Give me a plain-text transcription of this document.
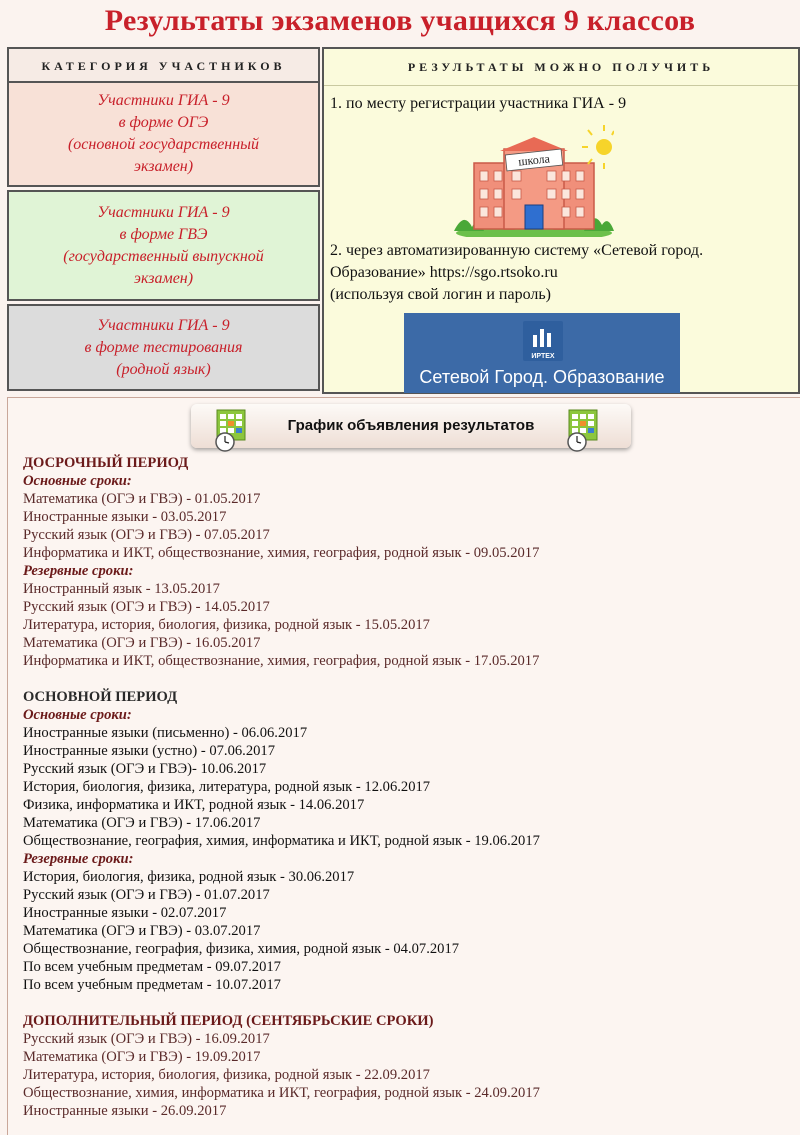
Результаты экзаменов учащихся 9 классов
КАТЕГОРИЯ УЧАСТНИКОВ
Участники ГИА - 9
в форме ОГЭ
(основной государственный
экзамен)
Участники ГИА - 9
в форме ГВЭ
(государственный выпускной
экзамен)
Участники ГИА - 9
в форме тестирования
(родной язык)
РЕЗУЛЬТАТЫ МОЖНО ПОЛУЧИТЬ
1. по месту регистрации участника ГИА - 9
школа
2. через автоматизированную систему «Сетевой город.
Образование» https://sgo.rtsoko.ru
(используя свой логин и пароль)
ИРТЕХ
Сетевой Город. Образование
График объявления результатов
ДОСРОЧНЫЙ ПЕРИОД
Основные сроки:
Математика (ОГЭ и ГВЭ) - 01.05.2017
Иностранные языки - 03.05.2017
Русский язык (ОГЭ и ГВЭ) - 07.05.2017
Информатика и ИКТ, обществознание, химия, география, родной язык - 09.05.2017
Резервные сроки:
Иностранный язык - 13.05.2017
Русский язык (ОГЭ и ГВЭ) - 14.05.2017
Литература, история, биология, физика, родной язык - 15.05.2017
Математика (ОГЭ и ГВЭ) - 16.05.2017
Информатика и ИКТ, обществознание, химия, география, родной язык - 17.05.2017
ОСНОВНОЙ ПЕРИОД
Основные сроки:
Иностранные языки (письменно) - 06.06.2017
Иностранные языки (устно) - 07.06.2017
Русский язык (ОГЭ и ГВЭ)- 10.06.2017
История, биология, физика, литература, родной язык - 12.06.2017
Физика, информатика и ИКТ, родной язык - 14.06.2017
Математика (ОГЭ и ГВЭ) - 17.06.2017
Обществознание, география, химия, информатика и ИКТ, родной язык - 19.06.2017
Резервные сроки:
История, биология, физика, родной язык - 30.06.2017
Русский язык (ОГЭ и ГВЭ) - 01.07.2017
Иностранные языки - 02.07.2017
Математика (ОГЭ и ГВЭ) - 03.07.2017
Обществознание, география, физика, химия, родной язык - 04.07.2017
По всем учебным предметам - 09.07.2017
По всем учебным предметам - 10.07.2017
ДОПОЛНИТЕЛЬНЫЙ ПЕРИОД (СЕНТЯБРЬСКИЕ СРОКИ)
Русский язык (ОГЭ и ГВЭ) - 16.09.2017
Математика (ОГЭ и ГВЭ) - 19.09.2017
Литература, история, биология, физика, родной язык - 22.09.2017
Обществознание, химия, информатика и ИКТ, география, родной язык - 24.09.2017
Иностранные языки - 26.09.2017
